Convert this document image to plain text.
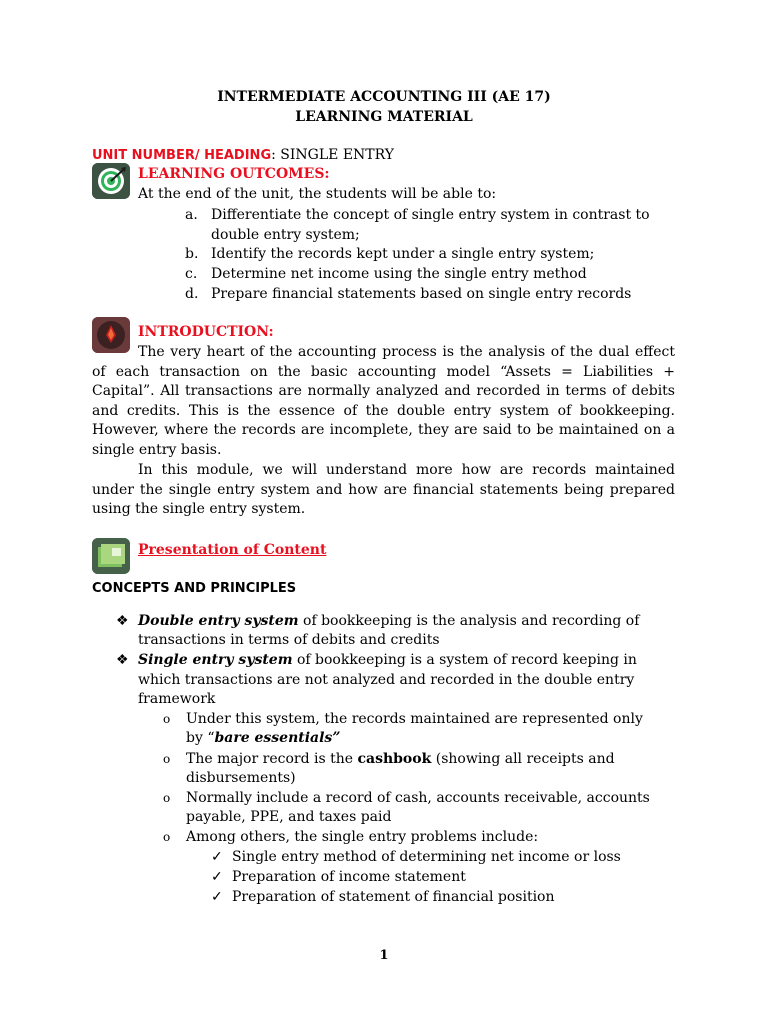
INTERMEDIATE ACCOUNTING III (AE 17)
LEARNING MATERIAL
UNIT NUMBER/ HEADING: SINGLE ENTRY
LEARNING OUTCOMES:
At the end of the unit, the students will be able to:
a. Differentiate the concept of single entry system in contrast to
double entry system;
b. Identify the records kept under a single entry system;
c. Determine net income using the single entry method
d. Prepare financial statements based on single entry records
INTRODUCTION:
The very heart of the accounting process is the analysis of the dual effect of each transaction on the basic accounting model “Assets = Liabilities + Capital”. All transactions are normally analyzed and recorded in terms of debits and credits. This is the essence of the double entry system of bookkeeping. However, where the records are incomplete, they are said to be maintained on a single entry basis.
In this module, we will understand more how are records maintained under the single entry system and how are financial statements being prepared using the single entry system.
Presentation of Content
CONCEPTS AND PRINCIPLES
❖ Double entry system of bookkeeping is the analysis and recording of
transactions in terms of debits and credits
❖ Single entry system of bookkeeping is a system of record keeping in
which transactions are not analyzed and recorded in the double entry
framework
o Under this system, the records maintained are represented only
by “bare essentials”
o The major record is the cashbook (showing all receipts and
disbursements)
o Normally include a record of cash, accounts receivable, accounts
payable, PPE, and taxes paid
o Among others, the single entry problems include:
✓ Single entry method of determining net income or loss
✓ Preparation of income statement
✓ Preparation of statement of financial position
1
